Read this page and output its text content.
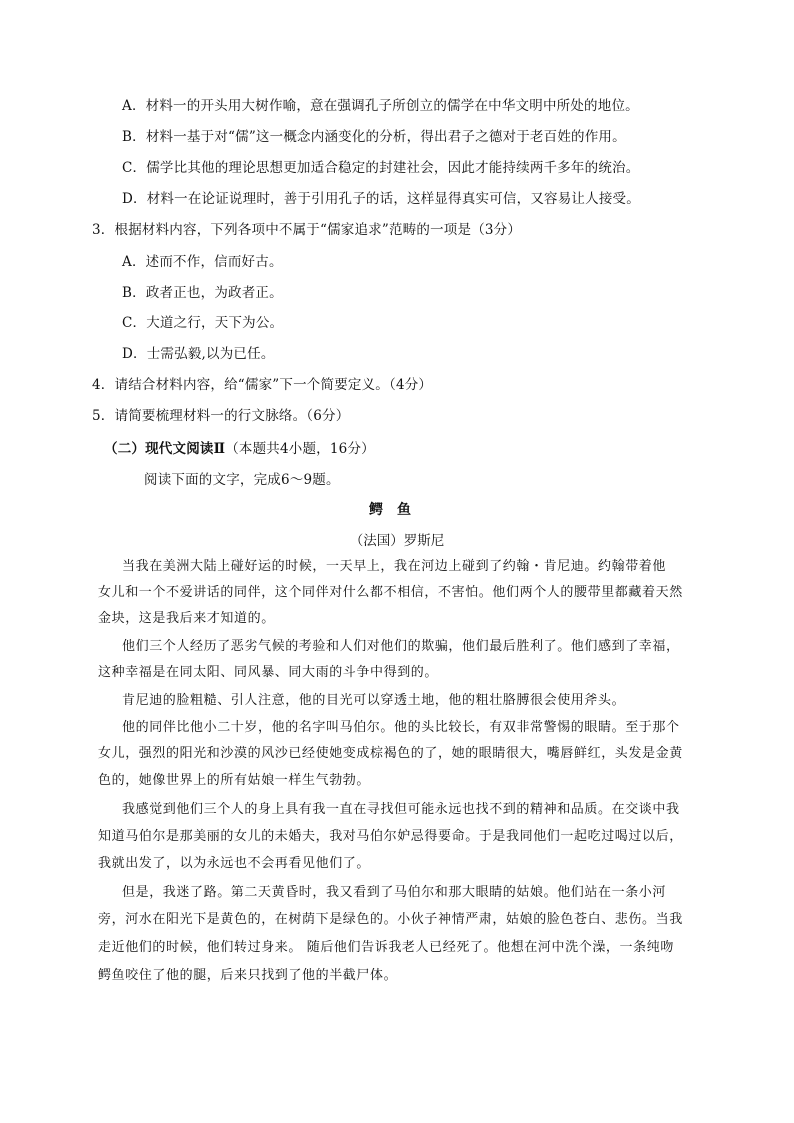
A．材料一的开头用大树作喻，意在强调孔子所创立的儒学在中华文明中所处的地位。
B．材料一基于对“儒”这一概念内涵变化的分析，得出君子之德对于老百姓的作用。
C．儒学比其他的理论思想更加适合稳定的封建社会，因此才能持续两千多年的统治。
D．材料一在论证说理时，善于引用孔子的话，这样显得真实可信，又容易让人接受。
3．根据材料内容，下列各项中不属于“儒家追求”范畴的一项是（3分）
A．述而不作，信而好古。
B．政者正也，为政者正。
C．大道之行，天下为公。
D．士需弘毅,以为已任。
4．请结合材料内容，给“儒家”下一个简要定义。（4分）
5．请简要梳理材料一的行文脉络。（6分）
（二）现代文阅读Ⅱ（本题共4小题，16分）
阅读下面的文字，完成6～9题。
鳄鱼
（法国）罗斯尼
当我在美洲大陆上碰好运的时候，一天早上，我在河边上碰到了约翰・肯尼迪。约翰带着他
女儿和一个不爱讲话的同伴，这个同伴对什么都不相信，不害怕。他们两个人的腰带里都藏着天然
金块，这是我后来才知道的。
他们三个人经历了恶劣气候的考验和人们对他们的欺骗，他们最后胜利了。他们感到了幸福，
这种幸福是在同太阳、同风暴、同大雨的斗争中得到的。
肯尼迪的脸粗糙、引人注意，他的目光可以穿透土地，他的粗壮胳膊很会使用斧头。
他的同伴比他小二十岁，他的名字叫马伯尔。他的头比较长，有双非常警惕的眼睛。至于那个
女儿，强烈的阳光和沙漠的风沙已经使她变成棕褐色的了，她的眼睛很大，嘴唇鲜红，头发是金黄
色的，她像世界上的所有姑娘一样生气勃勃。
我感觉到他们三个人的身上具有我一直在寻找但可能永远也找不到的精神和品质。在交谈中我
知道马伯尔是那美丽的女儿的未婚夫，我对马伯尔妒忌得要命。于是我同他们一起吃过喝过以后，
我就出发了，以为永远也不会再看见他们了。
但是，我迷了路。第二天黄昏时，我又看到了马伯尔和那大眼睛的姑娘。他们站在一条小河
旁，河水在阳光下是黄色的，在树荫下是绿色的。小伙子神情严肃，姑娘的脸色苍白、悲伤。当我
走近他们的时候，他们转过身来。 随后他们告诉我老人已经死了。他想在河中洗个澡，一条纯吻
鳄鱼咬住了他的腿，后来只找到了他的半截尸体。
